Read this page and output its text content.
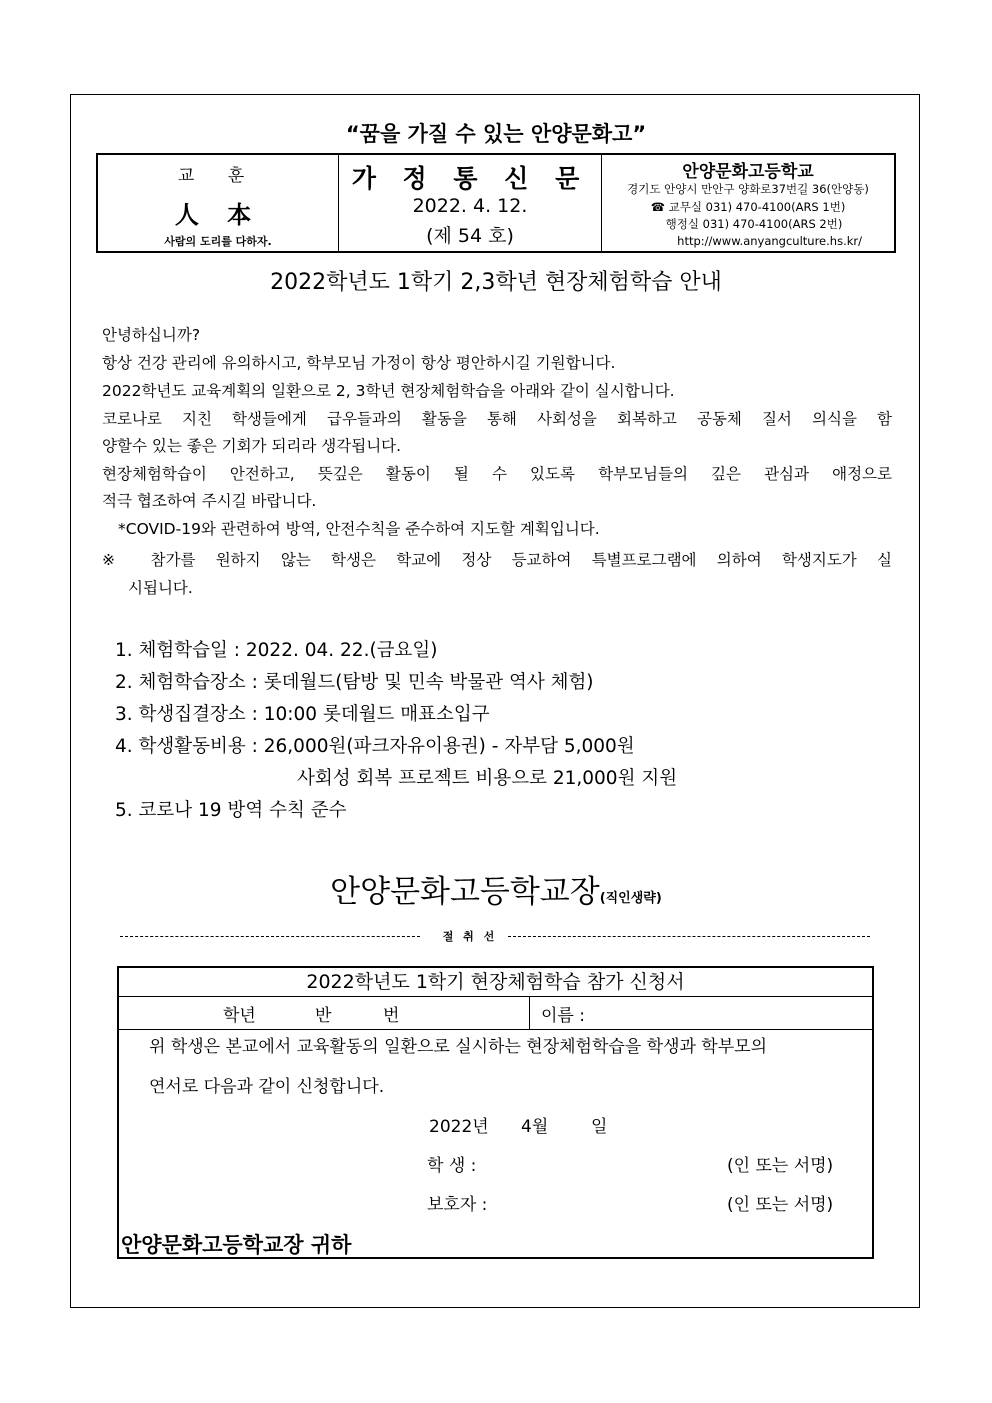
“꿈을 가질 수 있는 안양문화고”
교 훈
人 本
사람의 도리를 다하자.
가 정 통 신 문
2022. 4. 12.
(제 54 호)
안양문화고등학교
경기도 안양시 만안구 양화로37번길 36(안양동)
☎ 교무실 031) 470-4100(ARS 1번)
행정실 031) 470-4100(ARS 2번)
http://www.anyangculture.hs.kr/
2022학년도 1학기 2,3학년 현장체험학습 안내
안녕하십니까?
항상 건강 관리에 유의하시고, 학부모님 가정이 항상 평안하시길 기원합니다.
2022학년도 교육계획의 일환으로 2, 3학년 현장체험학습을 아래와 같이 실시합니다.
코로나로 지친 학생들에게 급우들과의 활동을 통해 사회성을 회복하고 공동체 질서 의식을 함
양할수 있는 좋은 기회가 되리라 생각됩니다.
현장체험학습이 안전하고, 뜻깊은 활동이 될 수 있도록 학부모님들의 깊은 관심과 애정으로
적극 협조하여 주시길 바랍니다.
*COVID-19와 관련하여 방역, 안전수칙을 준수하여 지도할 계획입니다.
※ 참가를 원하지 않는 학생은 학교에 정상 등교하여 특별프로그램에 의하여 학생지도가 실
시됩니다.
1. 체험학습일 : 2022. 04. 22.(금요일)
2. 체험학습장소 : 롯데월드(탐방 및 민속 박물관 역사 체험)
3. 학생집결장소 : 10:00 롯데월드 매표소입구
4. 학생활동비용 : 26,000원(파크자유이용권) - 자부담 5,000원
사회성 회복 프로젝트 비용으로 21,000원 지원
5. 코로나 19 방역 수칙 준수
안양문화고등학교장(직인생략)
절 취 선
2022학년도 1학기 현장체험학습 참가 신청서
학년	반	번	이름 :
위 학생은 본교에서 교육활동의 일환으로 실시하는 현장체험학습을 학생과 학부모의
연서로 다음과 같이 신청합니다.
2022년 4월	일
학 생 :	(인 또는 서명)
보호자 :	(인 또는 서명)
안양문화고등학교장 귀하
